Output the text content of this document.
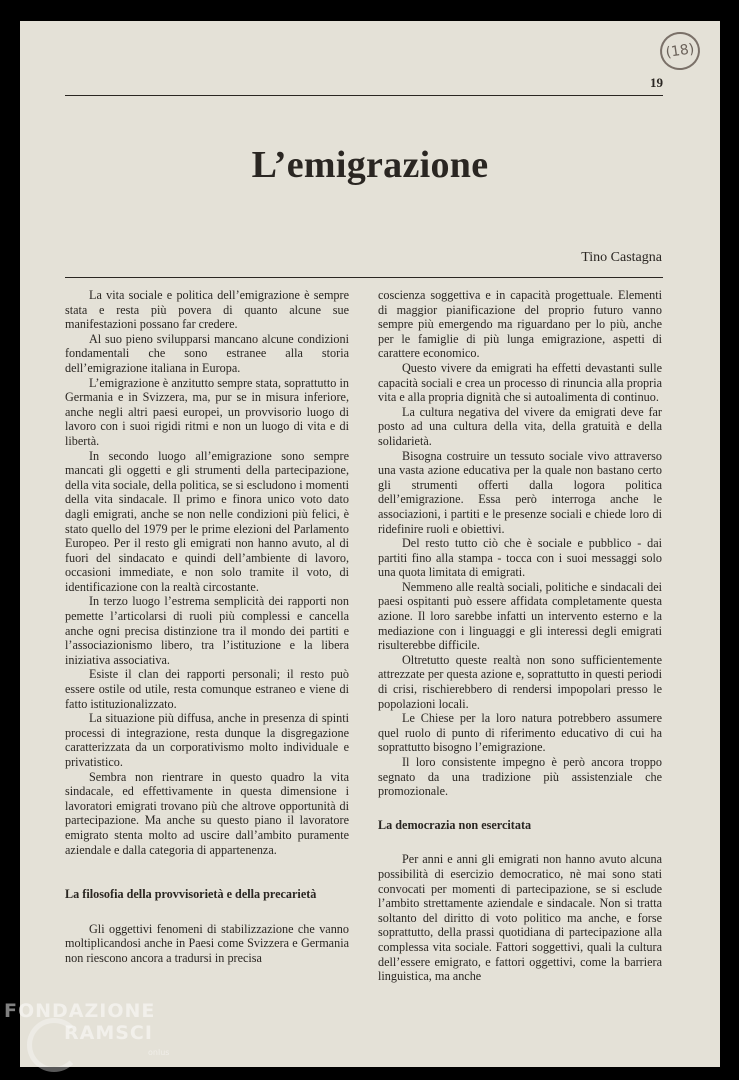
(18)
19
L’emigrazione
Tino Castagna

La vita sociale e politica dell’emigrazione è sempre stata e resta più povera di quanto alcune sue manifestazioni possano far credere.

Al suo pieno svilupparsi mancano alcune condizioni fondamentali che sono estranee alla storia dell’emigrazione italiana in Europa.

L’emigrazione è anzitutto sempre stata, soprattutto in Germania e in Svizzera, ma, pur se in misura inferiore, anche negli altri paesi europei, un provvisorio luogo di lavoro con i suoi rigidi ritmi e non un luogo di vita e di libertà.

In secondo luogo all’emigrazione sono sempre mancati gli oggetti e gli strumenti della partecipazione, della vita sociale, della politica, se si escludono i momenti della vita sindacale. Il primo e finora unico voto dato dagli emigrati, anche se non nelle condizioni più felici, è stato quello del 1979 per le prime elezioni del Parlamento Europeo. Per il resto gli emigrati non hanno avuto, al di fuori del sindacato e quindi dell’ambiente di lavoro, occasioni immediate, e non solo tramite il voto, di identificazione con la realtà circostante.

In terzo luogo l’estrema semplicità dei rapporti non pemette l’articolarsi di ruoli più complessi e cancella anche ogni precisa distinzione tra il mondo dei partiti e l’associazionismo libero, tra l’istituzione e la libera iniziativa associativa.

Esiste il clan dei rapporti personali; il resto può essere ostile od utile, resta comunque estraneo e viene di fatto istituzionalizzato.

La situazione più diffusa, anche in presenza di spinti processi di integrazione, resta dunque la disgregazione caratterizzata da un corporativismo molto individuale e privatistico.

Sembra non rientrare in questo quadro la vita sindacale, ed effettivamente in questa dimensione i lavoratori emigrati trovano più che altrove opportunità di partecipazione. Ma anche su questo piano il lavoratore emigrato stenta molto ad uscire dall’ambito puramente aziendale e dalla categoria di appartenenza.

La filosofia della provvisorietà e della precarietà

Gli oggettivi fenomeni di stabilizzazione che vanno moltiplicandosi anche in Paesi come Svizzera e Germania non riescono ancora a tradursi in precisa

coscienza soggettiva e in capacità progettuale. Elementi di maggior pianificazione del proprio futuro vanno sempre più emergendo ma riguardano per lo più, anche per le famiglie di più lunga emigrazione, aspetti di carattere economico.

Questo vivere da emigrati ha effetti devastanti sulle capacità sociali e crea un processo di rinuncia alla propria vita e alla propria dignità che si autoalimenta di continuo.

La cultura negativa del vivere da emigrati deve far posto ad una cultura della vita, della gratuità e della solidarietà.

Bisogna costruire un tessuto sociale vivo attraverso una vasta azione educativa per la quale non bastano certo gli strumenti offerti dalla logora politica dell’emigrazione. Essa però interroga anche le associazioni, i partiti e le presenze sociali e chiede loro di ridefinire ruoli e obiettivi.

Del resto tutto ciò che è sociale e pubblico - dai partiti fino alla stampa - tocca con i suoi messaggi solo una quota limitata di emigrati.

Nemmeno alle realtà sociali, politiche e sindacali dei paesi ospitanti può essere affidata completamente questa azione. Il loro sarebbe infatti un intervento esterno e la mediazione con i linguaggi e gli interessi degli emigrati risulterebbe difficile.

Oltretutto queste realtà non sono sufficientemente attrezzate per questa azione e, soprattutto in questi periodi di crisi, rischierebbero di rendersi impopolari presso le popolazioni locali.

Le Chiese per la loro natura potrebbero assumere quel ruolo di punto di riferimento educativo di cui ha soprattutto bisogno l’emigrazione.

Il loro consistente impegno è però ancora troppo segnato da una tradizione più assistenziale che promozionale.

La democrazia non esercitata

Per anni e anni gli emigrati non hanno avuto alcuna possibilità di esercizio democratico, nè mai sono stati convocati per momenti di partecipazione, se si esclude l’ambito strettamente aziendale e sindacale. Non si tratta soltanto del diritto di voto politico ma anche, e forse soprattutto, della prassi quotidiana di partecipazione alla complessa vita sociale. Fattori soggettivi, quali la cultura dell’essere emigrato, e fattori oggettivi, come la barriera linguistica, ma anche

FONDAZIONE
RAMSCI
onlus
